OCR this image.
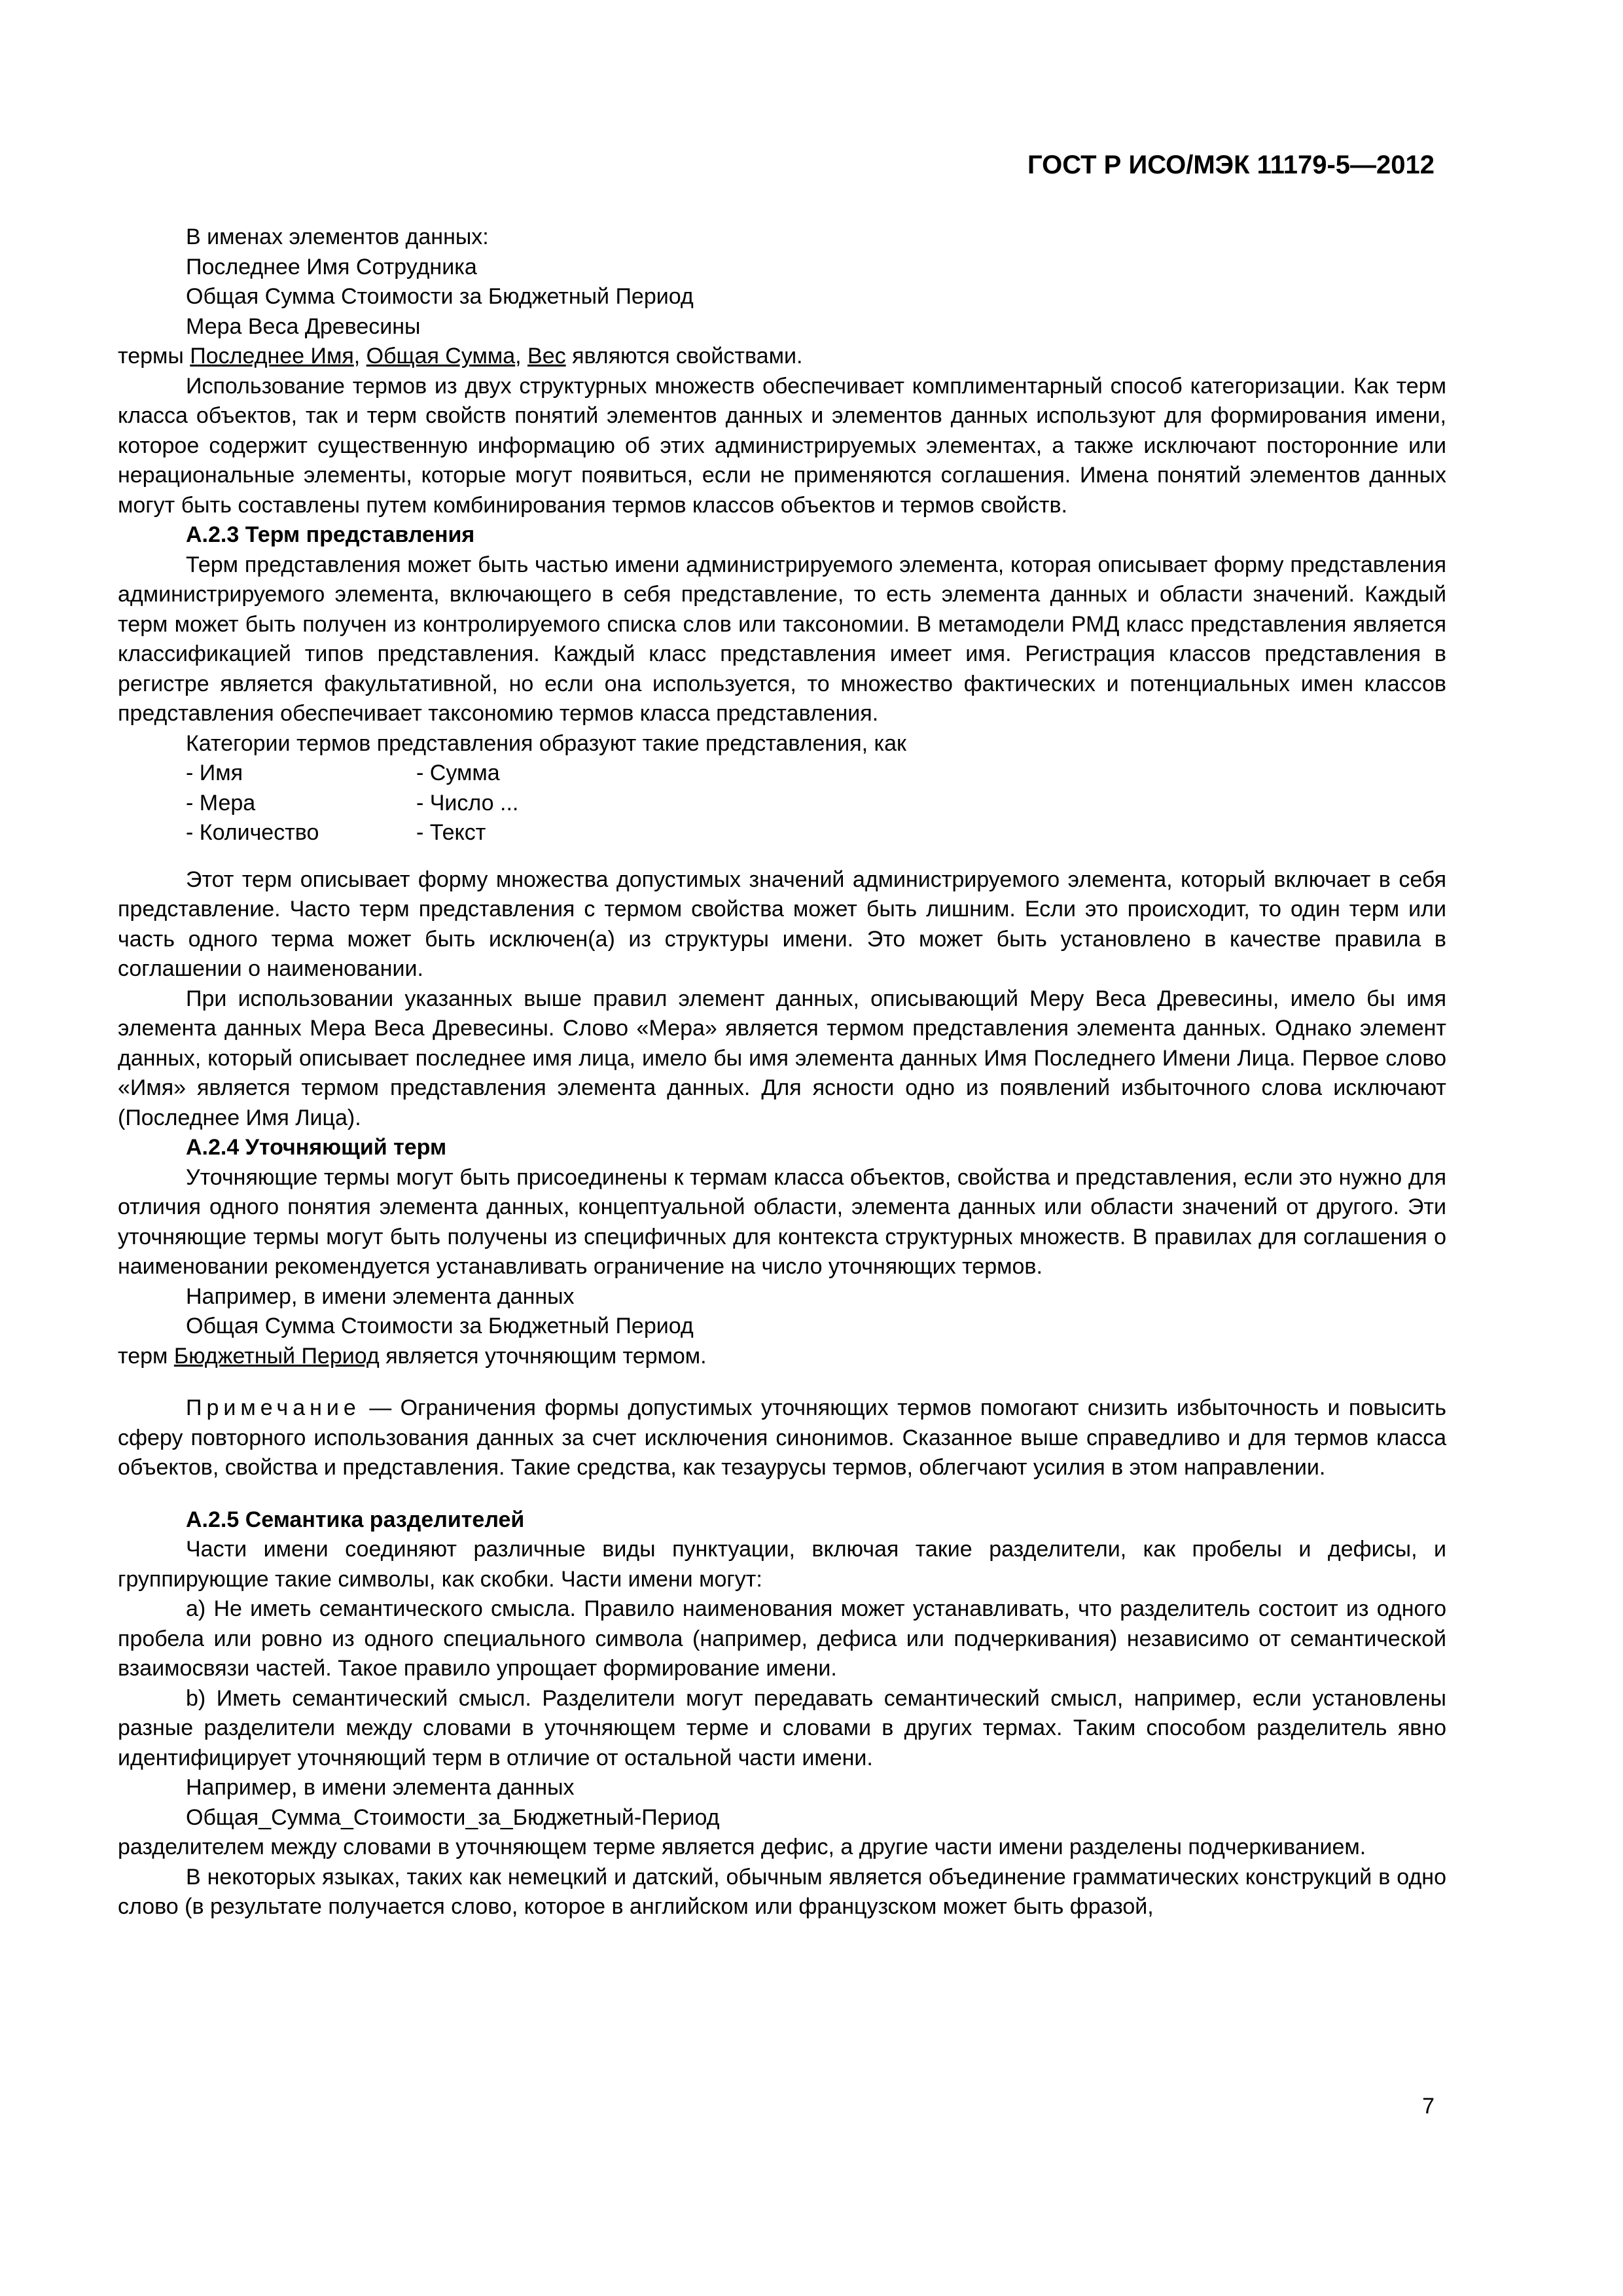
ГОСТ Р ИСО/МЭК 11179-5—2012

В именах элементов данных:

Последнее Имя Сотрудника

Общая Сумма Стоимости за Бюджетный Период

Мера Веса Древесины

термы Последнее Имя, Общая Сумма, Вес являются свойствами.

Использование термов из двух структурных множеств обеспечивает комплиментарный способ категоризации. Как терм класса объектов, так и терм свойств понятий элементов данных и элементов данных используют для формирования имени, которое содержит существенную информацию об этих администрируемых элементах, а также исключают посторонние или нерациональные элементы, которые могут появиться, если не применяются соглашения. Имена понятий элементов данных могут быть составлены путем комбинирования термов классов объектов и термов свойств.

А.2.3 Терм представления

Терм представления может быть частью имени администрируемого элемента, которая описывает форму представления администрируемого элемента, включающего в себя представление, то есть элемента данных и области значений. Каждый терм может быть получен из контролируемого списка слов или таксономии. В метамодели РМД класс представления является классификацией типов представления. Каждый класс представления имеет имя. Регистрация классов представления в регистре является факультативной, но если она используется, то множество фактических и потенциальных имен классов представления обеспечивает таксономию термов класса представления.

Категории термов представления образуют такие представления, как

- Имя	- Сумма
- Мера	- Число ...
- Количество	- Текст

Этот терм описывает форму множества допустимых значений администрируемого элемента, который включает в себя представление. Часто терм представления с термом свойства может быть лишним. Если это происходит, то один терм или часть одного терма может быть исключен(а) из структуры имени. Это может быть установлено в качестве правила в соглашении о наименовании.

При использовании указанных выше правил элемент данных, описывающий Меру Веса Древесины, имело бы имя элемента данных Мера Веса Древесины. Слово «Мера» является термом представления элемента данных. Однако элемент данных, который описывает последнее имя лица, имело бы имя элемента данных Имя Последнего Имени Лица. Первое слово «Имя» является термом представления элемента данных. Для ясности одно из появлений избыточного слова исключают (Последнее Имя Лица).

А.2.4 Уточняющий терм

Уточняющие термы могут быть присоединены к термам класса объектов, свойства и представления, если это нужно для отличия одного понятия элемента данных, концептуальной области, элемента данных или области значений от другого. Эти уточняющие термы могут быть получены из специфичных для контекста структурных множеств. В правилах для соглашения о наименовании рекомендуется устанавливать ограничение на число уточняющих термов.

Например, в имени элемента данных

Общая Сумма Стоимости за Бюджетный Период

терм Бюджетный Период является уточняющим термом.

Примечание — Ограничения формы допустимых уточняющих термов помогают снизить избыточность и повысить сферу повторного использования данных за счет исключения синонимов. Сказанное выше справедливо и для термов класса объектов, свойства и представления. Такие средства, как тезаурусы термов, облегчают усилия в этом направлении.

А.2.5 Семантика разделителей

Части имени соединяют различные виды пунктуации, включая такие разделители, как пробелы и дефисы, и группирующие такие символы, как скобки. Части имени могут:

а) Не иметь семантического смысла. Правило наименования может устанавливать, что разделитель состоит из одного пробела или ровно из одного специального символа (например, дефиса или подчеркивания) независимо от семантической взаимосвязи частей. Такое правило упрощает формирование имени.

b) Иметь семантический смысл. Разделители могут передавать семантический смысл, например, если установлены разные разделители между словами в уточняющем терме и словами в других термах. Таким способом разделитель явно идентифицирует уточняющий терм в отличие от остальной части имени.

Например, в имени элемента данных

Общая_Сумма_Стоимости_за_Бюджетный-Период

разделителем между словами в уточняющем терме является дефис, а другие части имени разделены подчеркиванием.

В некоторых языках, таких как немецкий и датский, обычным является объединение грамматических конструкций в одно слово (в результате получается слово, которое в английском или французском может быть фразой,

7
